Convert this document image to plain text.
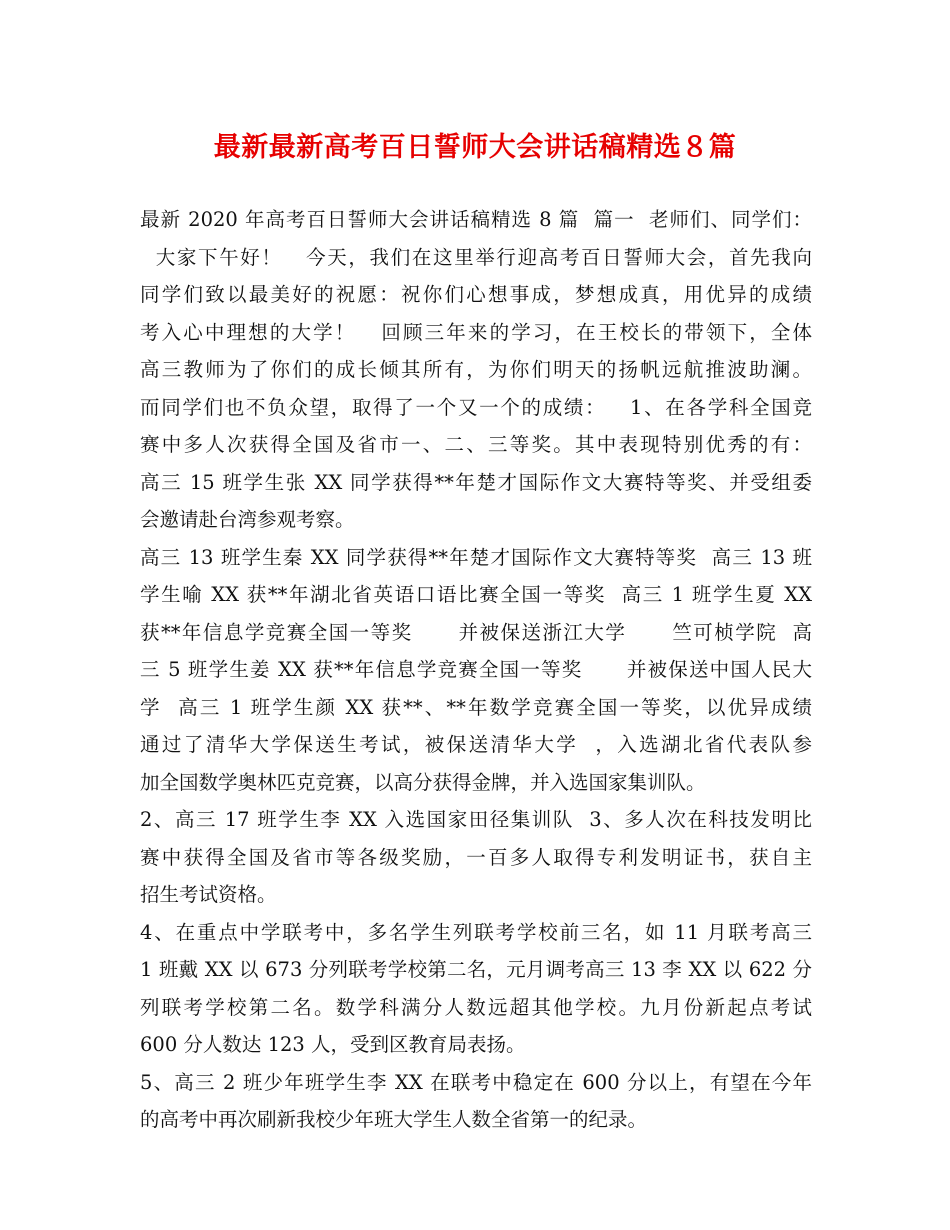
最新最新高考百日誓师大会讲话稿精选８篇
最新 2020 年高考百日誓师大会讲话稿精选 8 篇  篇一  老师们、同学们：
大家下午好！   今天，我们在这里举行迎高考百日誓师大会，首先我向
同学们致以最美好的祝愿：祝你们心想事成，梦想成真，用优异的成绩
考入心中理想的大学！   回顾三年来的学习，在王校长的带领下，全体
高三教师为了你们的成长倾其所有，为你们明天的扬帆远航推波助澜。
而同学们也不负众望，取得了一个又一个的成绩：   1、在各学科全国竞
赛中多人次获得全国及省市一、二、三等奖。其中表现特别优秀的有：
高三 15 班学生张 XX 同学获得**年楚才国际作文大赛特等奖、并受组委
会邀请赴台湾参观考察。
高三 13 班学生秦 XX 同学获得**年楚才国际作文大赛特等奖  高三 13 班
学生喻 XX 获**年湖北省英语口语比赛全国一等奖  高三 1 班学生夏 XX
获**年信息学竞赛全国一等奖      并被保送浙江大学      竺可桢学院  高
三 5 班学生姜 XX 获**年信息学竞赛全国一等奖      并被保送中国人民大
学  高三 1 班学生颜 XX 获**、**年数学竞赛全国一等奖，以优异成绩
通过了清华大学保送生考试，被保送清华大学  ，入选湖北省代表队参
加全国数学奥林匹克竞赛，以高分获得金牌，并入选国家集训队。
2、高三 17 班学生李 XX 入选国家田径集训队  3、多人次在科技发明比
赛中获得全国及省市等各级奖励，一百多人取得专利发明证书，获自主
招生考试资格。
4、在重点中学联考中，多名学生列联考学校前三名，如 11 月联考高三
1 班戴 XX 以 673 分列联考学校第二名，元月调考高三 13 李 XX 以 622 分
列联考学校第二名。数学科满分人数远超其他学校。九月份新起点考试
600 分人数达 123 人，受到区教育局表扬。
5、高三 2 班少年班学生李 XX 在联考中稳定在 600 分以上，有望在今年
的高考中再次刷新我校少年班大学生人数全省第一的纪录。
